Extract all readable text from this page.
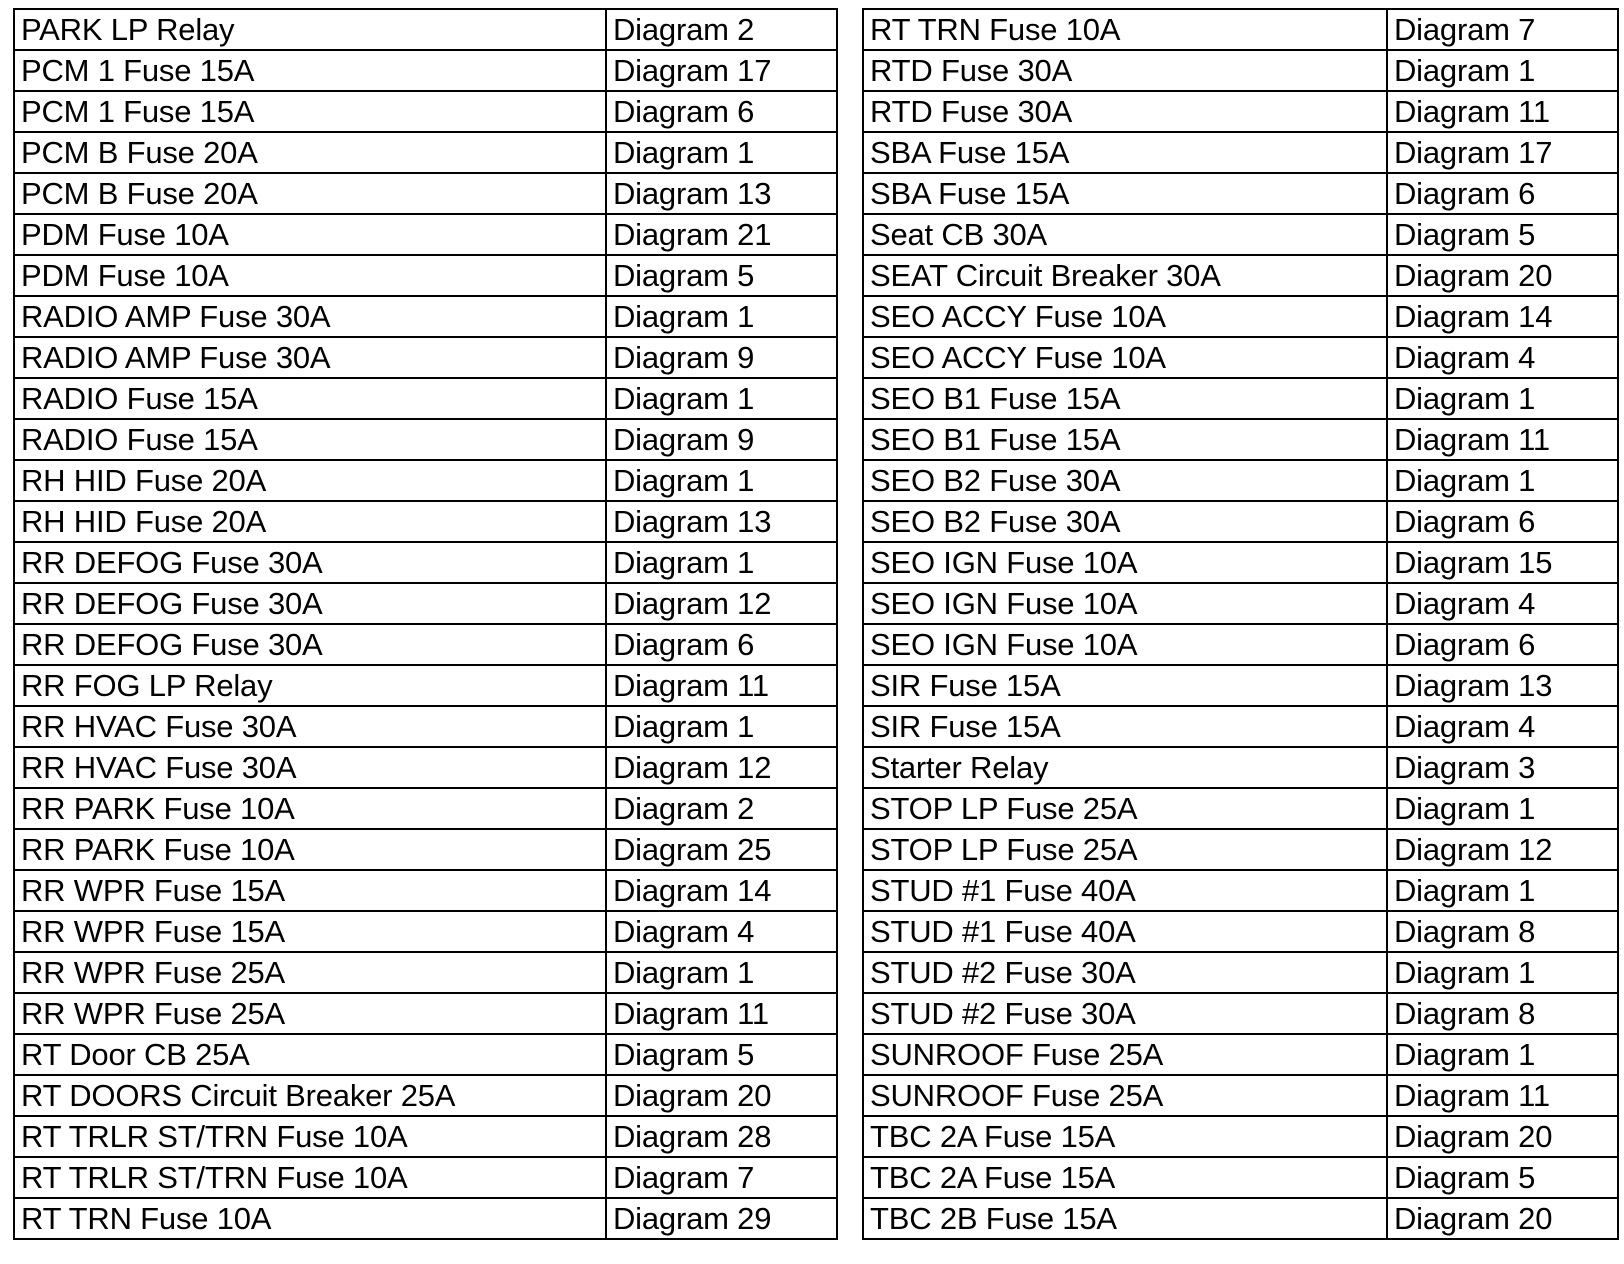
PARK LP Relay	Diagram 2
PCM 1 Fuse 15A	Diagram 17
PCM 1 Fuse 15A	Diagram 6
PCM B Fuse 20A	Diagram 1
PCM B Fuse 20A	Diagram 13
PDM Fuse 10A	Diagram 21
PDM Fuse 10A	Diagram 5
RADIO AMP Fuse 30A	Diagram 1
RADIO AMP Fuse 30A	Diagram 9
RADIO Fuse 15A	Diagram 1
RADIO Fuse 15A	Diagram 9
RH HID Fuse 20A	Diagram 1
RH HID Fuse 20A	Diagram 13
RR DEFOG Fuse 30A	Diagram 1
RR DEFOG Fuse 30A	Diagram 12
RR DEFOG Fuse 30A	Diagram 6
RR FOG LP Relay	Diagram 11
RR HVAC Fuse 30A	Diagram 1
RR HVAC Fuse 30A	Diagram 12
RR PARK Fuse 10A	Diagram 2
RR PARK Fuse 10A	Diagram 25
RR WPR Fuse 15A	Diagram 14
RR WPR Fuse 15A	Diagram 4
RR WPR Fuse 25A	Diagram 1
RR WPR Fuse 25A	Diagram 11
RT Door CB 25A	Diagram 5
RT DOORS Circuit Breaker 25A	Diagram 20
RT TRLR ST/TRN Fuse 10A	Diagram 28
RT TRLR ST/TRN Fuse 10A	Diagram 7
RT TRN Fuse 10A	Diagram 29
RT TRN Fuse 10A	Diagram 7
RTD Fuse 30A	Diagram 1
RTD Fuse 30A	Diagram 11
SBA Fuse 15A	Diagram 17
SBA Fuse 15A	Diagram 6
Seat CB 30A	Diagram 5
SEAT Circuit Breaker 30A	Diagram 20
SEO ACCY Fuse 10A	Diagram 14
SEO ACCY Fuse 10A	Diagram 4
SEO B1 Fuse 15A	Diagram 1
SEO B1 Fuse 15A	Diagram 11
SEO B2 Fuse 30A	Diagram 1
SEO B2 Fuse 30A	Diagram 6
SEO IGN Fuse 10A	Diagram 15
SEO IGN Fuse 10A	Diagram 4
SEO IGN Fuse 10A	Diagram 6
SIR Fuse 15A	Diagram 13
SIR Fuse 15A	Diagram 4
Starter Relay	Diagram 3
STOP LP Fuse 25A	Diagram 1
STOP LP Fuse 25A	Diagram 12
STUD #1 Fuse 40A	Diagram 1
STUD #1 Fuse 40A	Diagram 8
STUD #2 Fuse 30A	Diagram 1
STUD #2 Fuse 30A	Diagram 8
SUNROOF Fuse 25A	Diagram 1
SUNROOF Fuse 25A	Diagram 11
TBC 2A Fuse 15A	Diagram 20
TBC 2A Fuse 15A	Diagram 5
TBC 2B Fuse 15A	Diagram 20
